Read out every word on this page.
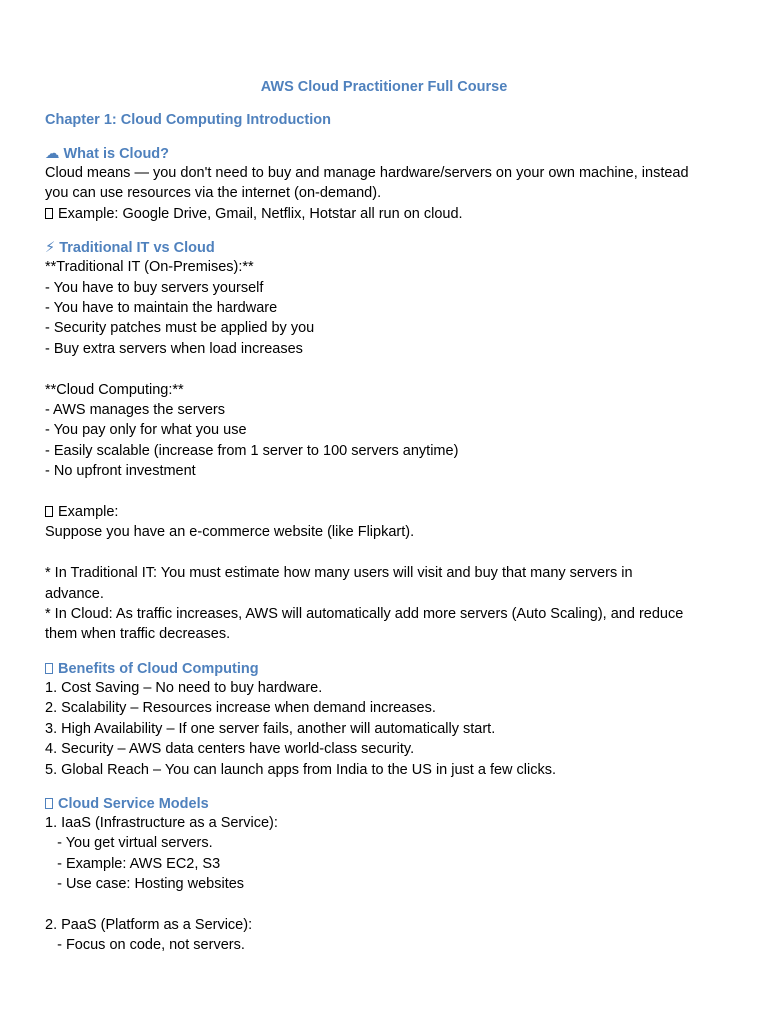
AWS Cloud Practitioner Full Course
Chapter 1: Cloud Computing Introduction

☁ What is Cloud?

Cloud means — you don't need to buy and manage hardware/servers on your own machine, instead

you can use resources via the internet (on-demand).

Example: Google Drive, Gmail, Netflix, Hotstar all run on cloud.

⚡ Traditional IT vs Cloud

**Traditional IT (On-Premises):**

- You have to buy servers yourself

- You have to maintain the hardware

- Security patches must be applied by you

- Buy extra servers when load increases

**Cloud Computing:**

- AWS manages the servers

- You pay only for what you use

- Easily scalable (increase from 1 server to 100 servers anytime)

- No upfront investment

Example:

Suppose you have an e-commerce website (like Flipkart).

* In Traditional IT: You must estimate how many users will visit and buy that many servers in

advance.

* In Cloud: As traffic increases, AWS will automatically add more servers (Auto Scaling), and reduce

them when traffic decreases.

Benefits of Cloud Computing

1. Cost Saving – No need to buy hardware.

2. Scalability – Resources increase when demand increases.

3. High Availability – If one server fails, another will automatically start.

4. Security – AWS data centers have world-class security.

5. Global Reach – You can launch apps from India to the US in just a few clicks.

Cloud Service Models

1. IaaS (Infrastructure as a Service):

- You get virtual servers.

- Example: AWS EC2, S3

- Use case: Hosting websites

2. PaaS (Platform as a Service):

- Focus on code, not servers.
